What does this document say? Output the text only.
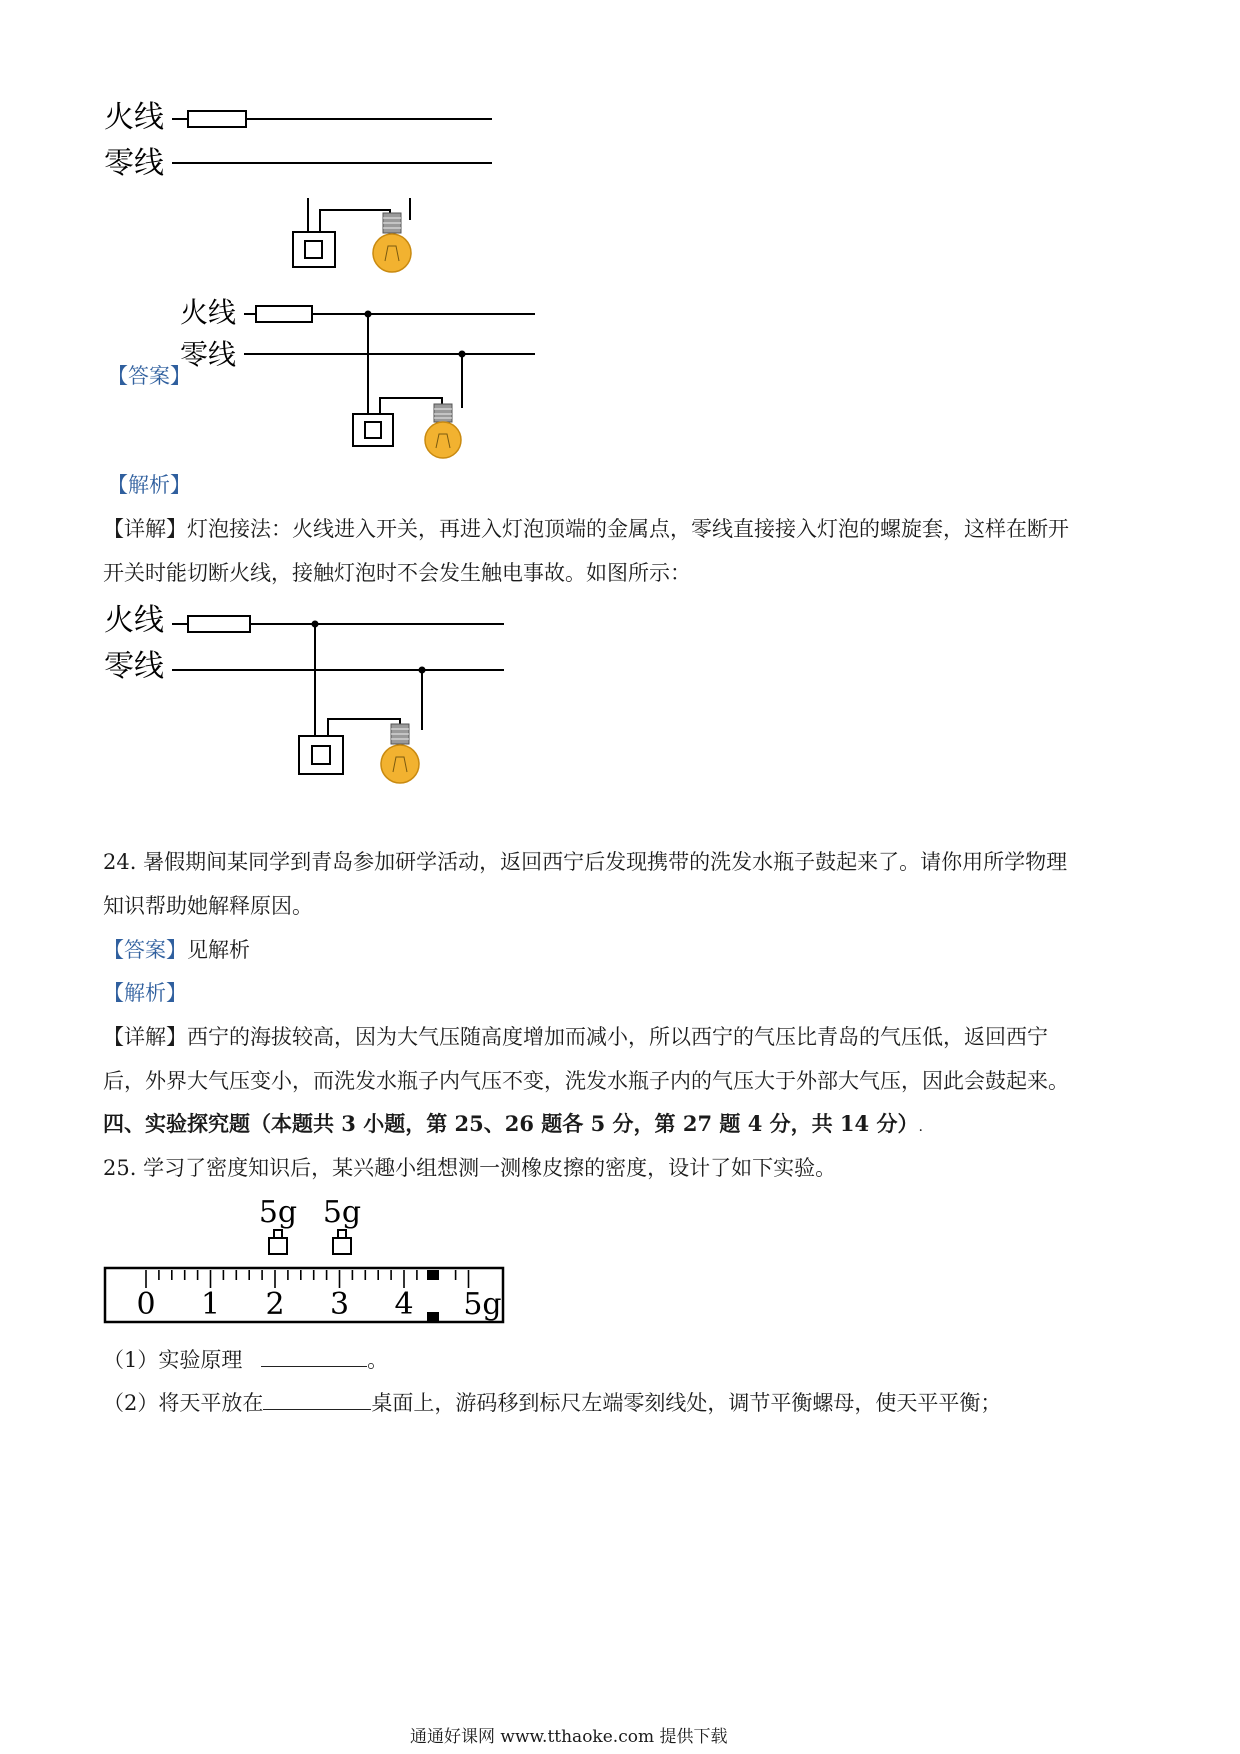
火线
零线
【答案】
火线
零线
【解析】
【详解】灯泡接法：火线进入开关，再进入灯泡顶端的金属点，零线直接接入灯泡的螺旋套，这样在断开
开关时能切断火线，接触灯泡时不会发生触电事故。如图所示：
火线
零线
24. 暑假期间某同学到青岛参加研学活动，返回西宁后发现携带的洗发水瓶子鼓起来了。请你用所学物理
知识帮助她解释原因。
【答案】见解析
【解析】
【详解】西宁的海拔较高，因为大气压随高度增加而减小，所以西宁的气压比青岛的气压低，返回西宁
后，外界大气压变小，而洗发水瓶子内气压不变，洗发水瓶子内的气压大于外部大气压，因此会鼓起来。
四、实验探究题（本题共 3 小题，第 25、26 题各 5 分，第 27 题 4 分，共 14 分）.
25. 学习了密度知识后，某兴趣小组想测一测橡皮擦的密度，设计了如下实验。
5g 5g
0 1 2 3 4 5g
（1）实验原理	。
（2）将天平放在	桌面上，游码移到标尺左端零刻线处，调节平衡螺母，使天平平衡；
通通好课网 www.tthaoke.com 提供下载
